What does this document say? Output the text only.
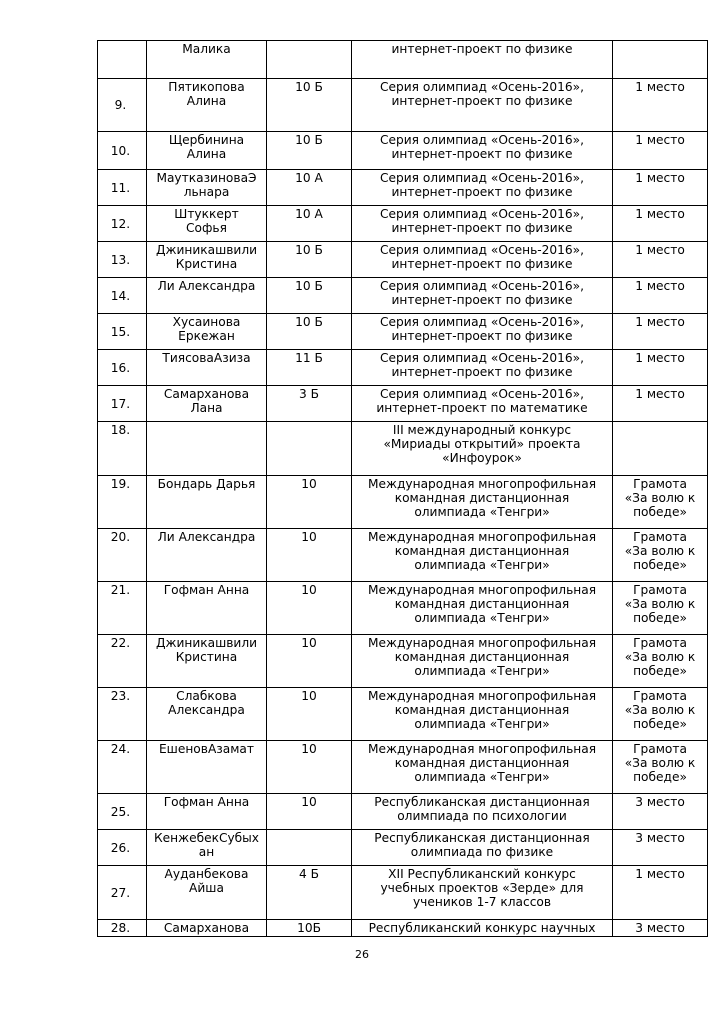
	Малика		интернет-проект по физике	
9.	Пятикопова
Алина	10 Б	Серия олимпиад «Осень-2016»,
интернет-проект по физике	1 место
10.	Щербинина
Алина	10 Б	Серия олимпиад «Осень-2016»,
интернет-проект по физике	1 место
11.	МаутказиноваЭ
льнара	10 А	Серия олимпиад «Осень-2016»,
интернет-проект по физике	1 место
12.	Штуккерт
Софья	10 А	Серия олимпиад «Осень-2016»,
интернет-проект по физике	1 место
13.	Джиникашвили
Кристина	10 Б	Серия олимпиад «Осень-2016»,
интернет-проект по физике	1 место
14.	Ли Александра	10 Б	Серия олимпиад «Осень-2016»,
интернет-проект по физике	1 место
15.	Хусаинова
Еркежан	10 Б	Серия олимпиад «Осень-2016»,
интернет-проект по физике	1 место
16.	ТиясоваАзиза	11 Б	Серия олимпиад «Осень-2016»,
интернет-проект по физике	1 место
17.	Самарханова
Лана	3 Б	Серия олимпиад «Осень-2016»,
интернет-проект по математике	1 место
18.			III международный конкурс
«Мириады открытий» проекта
«Инфоурок»	
19.	Бондарь Дарья	10	Международная многопрофильная
командная дистанционная
олимпиада «Тенгри»	Грамота
«За волю к
победе»
20.	Ли Александра	10	Международная многопрофильная
командная дистанционная
олимпиада «Тенгри»	Грамота
«За волю к
победе»
21.	Гофман Анна	10	Международная многопрофильная
командная дистанционная
олимпиада «Тенгри»	Грамота
«За волю к
победе»
22.	Джиникашвили
Кристина	10	Международная многопрофильная
командная дистанционная
олимпиада «Тенгри»	Грамота
«За волю к
победе»
23.	Слабкова
Александра	10	Международная многопрофильная
командная дистанционная
олимпиада «Тенгри»	Грамота
«За волю к
победе»
24.	ЕшеновАзамат	10	Международная многопрофильная
командная дистанционная
олимпиада «Тенгри»	Грамота
«За волю к
победе»
25.	Гофман Анна	10	Республиканская дистанционная
олимпиада по психологии	3 место
26.	КенжебекСубых
ан		Республиканская дистанционная
олимпиада по физике	3 место
27.	Ауданбекова
Айша	4 Б	XII Республиканский конкурс
учебных проектов «Зерде» для
учеников 1-7 классов	1 место
28.	Самарханова	10Б	Республиканский конкурс научных	3 место
26
